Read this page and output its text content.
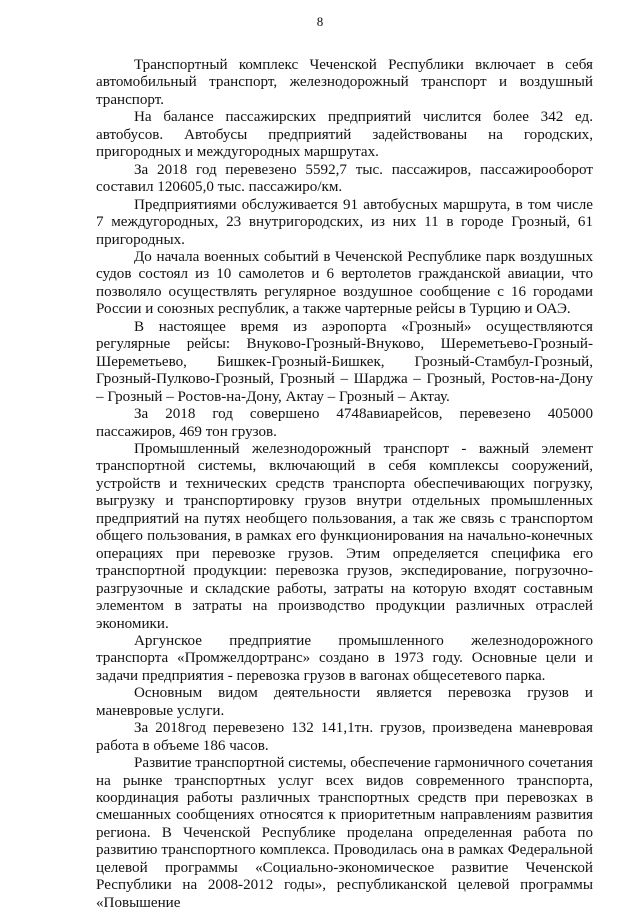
8

Транспортный комплекс Чеченской Республики включает в себя автомобильный транспорт, железнодорожный транспорт и воздушный транспорт.

На балансе пассажирских предприятий числится более 342 ед. автобусов. Автобусы предприятий задействованы на городских, пригородных и междугородных маршрутах.

За 2018 год перевезено 5592,7 тыс. пассажиров, пассажирооборот составил 120605,0 тыс. пассажиро/км.

Предприятиями обслуживается 91 автобусных маршрута, в том числе 7 междугородных, 23 внутригородских, из них 11 в городе Грозный, 61 пригородных.

До начала военных событий в Чеченской Республике парк воздушных судов состоял из 10 самолетов и 6 вертолетов гражданской авиации, что позволяло осуществлять регулярное воздушное сообщение с 16 городами России и союзных республик, а также чартерные рейсы в Турцию и ОАЭ.

В настоящее время из аэропорта «Грозный» осуществляются регулярные рейсы: Внуково-Грозный-Внуково, Шереметьево-Грозный-Шереметьево, Бишкек-Грозный-Бишкек, Грозный-Стамбул-Грозный, Грозный-Пулково-Грозный, Грозный – Шарджа – Грозный, Ростов-на-Дону – Грозный – Ростов-на-Дону, Актау – Грозный – Актау.

За 2018 год совершено 4748авиарейсов, перевезено 405000 пассажиров, 469 тон грузов.

Промышленный железнодорожный транспорт - важный элемент транспортной системы, включающий в себя комплексы сооружений, устройств и технических средств транспорта обеспечивающих погрузку, выгрузку и транспортировку грузов внутри отдельных промышленных предприятий на путях необщего пользования, а так же связь с транспортом общего пользования, в рамках его функционирования на начально-конечных операциях при перевозке грузов. Этим определяется специфика его транспортной продукции: перевозка грузов, экспедирование, погрузочно-разгрузочные и складские работы, затраты на которую входят составным элементом в затраты на производство продукции различных отраслей экономики.

Аргунское предприятие промышленного железнодорожного транспорта «Промжелдортранс» создано в 1973 году. Основные цели и задачи предприятия - перевозка грузов в вагонах общесетевого парка.

Основным видом деятельности является перевозка грузов и маневровые услуги.

За 2018год перевезено 132 141,1тн. грузов, произведена маневровая работа в объеме 186 часов.

Развитие транспортной системы, обеспечение гармоничного сочетания на рынке транспортных услуг всех видов современного транспорта, координация работы различных транспортных средств при перевозках в смешанных сообщениях относятся к приоритетным направлениям развития региона. В Чеченской Республике проделана определенная работа по развитию транспортного комплекса. Проводилась она в рамках Федеральной целевой программы «Социально-экономическое развитие Чеченской Республики на 2008-2012 годы», республиканской целевой программы «Повышение
